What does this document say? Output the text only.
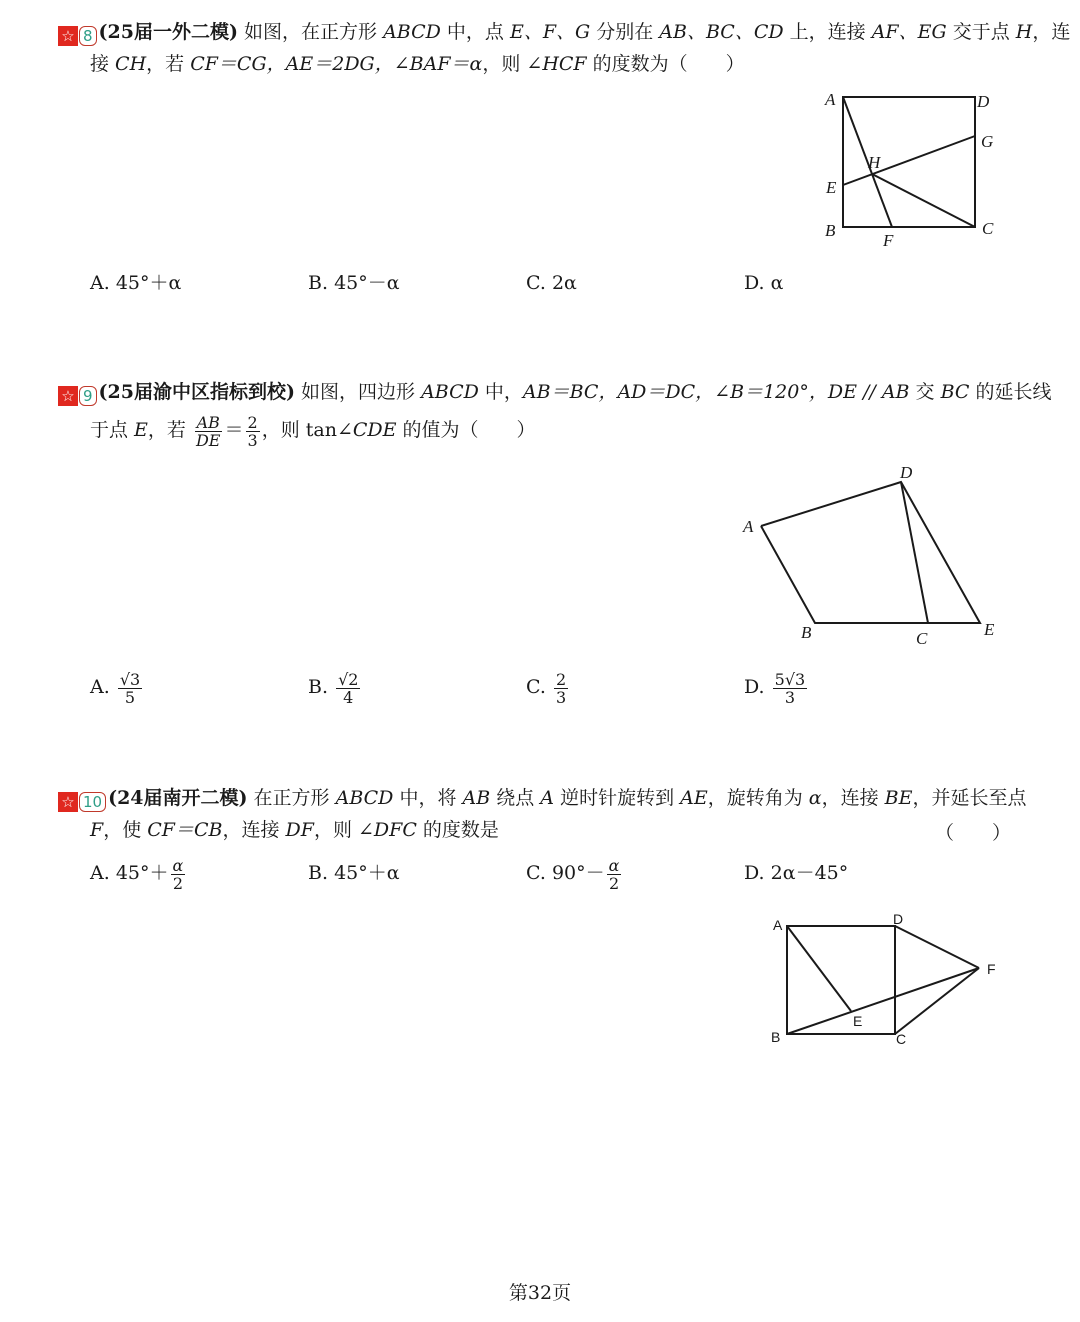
☆ 8 (25届一外二模) 如图，在正方形 ABCD 中，点 E、F、G 分别在 AB、BC、CD 上，连接 AF、EG 交于点 H，连
接 CH，若 CF＝CG，AE＝2DG，∠BAF＝α，则 ∠HCF 的度数为（　　）
A	D
G
H
E
B
F
C
A. 45°＋α	B. 45°－α	C. 2α	D. α
☆ 9 (25届渝中区指标到校) 如图，四边形 ABCD 中，AB＝BC，AD＝DC，∠B＝120°，DE // AB 交 BC 的延长线
于点 E，若 $\frac{AB}{DE} = \frac{2}{3}$ ，则 tan∠CDE 的值为（　　）
D
A
B	C	E
A. $\frac{√3}{5}$	B. $\frac{√2}{4}$	C. $\frac{2}{3}$	D. $\frac{5√3}{3}$
☆ 10 (24届南开二模) 在正方形 ABCD 中，将 AB 绕点 A 逆时针旋转到 AE，旋转角为 α，连接 BE，并延长至点
F，使 CF＝CB，连接 DF，则 ∠DFC 的度数是	（　　）
A. $45^\circ+ \frac{\alpha}{2}$	B. 45°＋α	C. $90^\circ- \frac{\alpha}{2}$	D. 2α－45°
A	D
F
E
B	C
第32页
